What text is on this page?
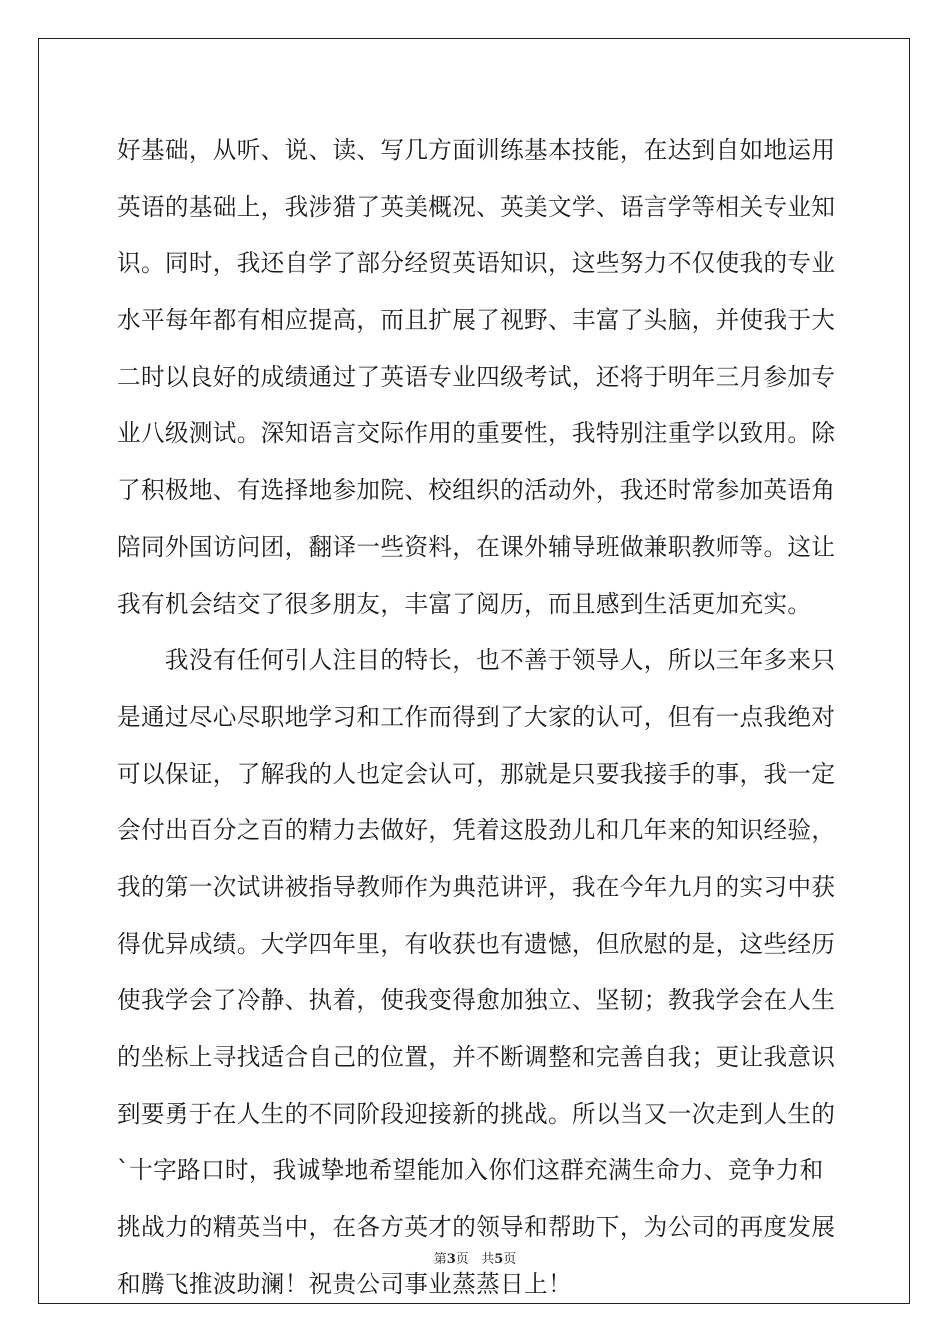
好基础，从听、说、读、写几方面训练基本技能，在达到自如地运用
英语的基础上，我涉猎了英美概况、英美文学、语言学等相关专业知
识。同时，我还自学了部分经贸英语知识，这些努力不仅使我的专业
水平每年都有相应提高，而且扩展了视野、丰富了头脑，并使我于大
二时以良好的成绩通过了英语专业四级考试，还将于明年三月参加专
业八级测试。深知语言交际作用的重要性，我特别注重学以致用。除
了积极地、有选择地参加院、校组织的活动外，我还时常参加英语角
陪同外国访问团，翻译一些资料，在课外辅导班做兼职教师等。这让
我有机会结交了很多朋友，丰富了阅历，而且感到生活更加充实。
　　我没有任何引人注目的特长，也不善于领导人，所以三年多来只
是通过尽心尽职地学习和工作而得到了大家的认可，但有一点我绝对
可以保证，了解我的人也定会认可，那就是只要我接手的事，我一定
会付出百分之百的精力去做好，凭着这股劲儿和几年来的知识经验，
我的第一次试讲被指导教师作为典范讲评，我在今年九月的实习中获
得优异成绩。大学四年里，有收获也有遗憾，但欣慰的是，这些经历
使我学会了冷静、执着，使我变得愈加独立、坚韧；教我学会在人生
的坐标上寻找适合自己的位置，并不断调整和完善自我；更让我意识
到要勇于在人生的不同阶段迎接新的挑战。所以当又一次走到人生的
`十字路口时，我诚挚地希望能加入你们这群充满生命力、竞争力和
挑战力的精英当中，在各方英才的领导和帮助下，为公司的再度发展
和腾飞推波助澜！祝贵公司事业蒸蒸日上！
第3页 共5页
